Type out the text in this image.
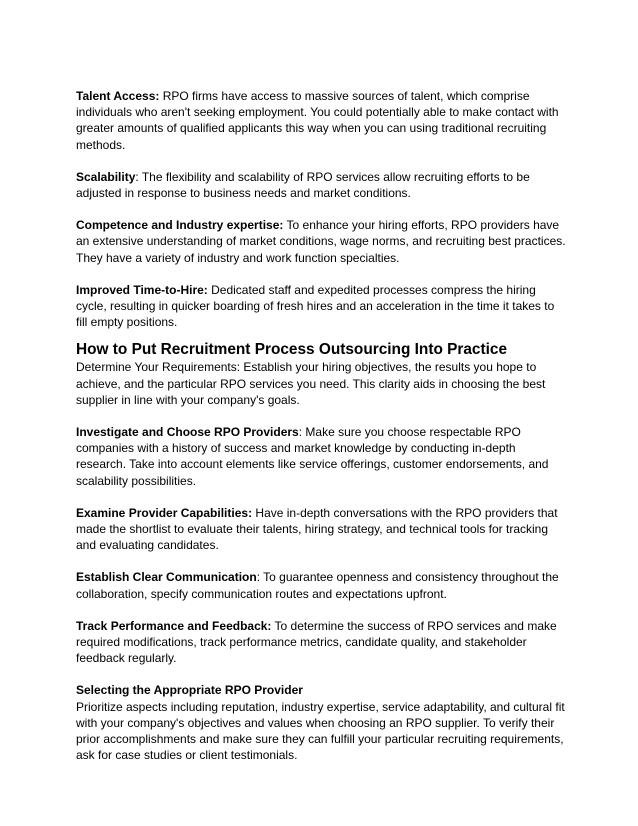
Talent Access: RPO firms have access to massive sources of talent, which comprise individuals who aren't seeking employment. You could potentially able to make contact with greater amounts of qualified applicants this way when you can using traditional recruiting methods.

Scalability: The flexibility and scalability of RPO services allow recruiting efforts to be adjusted in response to business needs and market conditions.

Competence and Industry expertise: To enhance your hiring efforts, RPO providers have an extensive understanding of market conditions, wage norms, and recruiting best practices. They have a variety of industry and work function specialties.

Improved Time-to-Hire: Dedicated staff and expedited processes compress the hiring cycle, resulting in quicker boarding of fresh hires and an acceleration in the time it takes to fill empty positions.

How to Put Recruitment Process Outsourcing Into Practice

Determine Your Requirements: Establish your hiring objectives, the results you hope to achieve, and the particular RPO services you need. This clarity aids in choosing the best supplier in line with your company's goals.

Investigate and Choose RPO Providers: Make sure you choose respectable RPO companies with a history of success and market knowledge by conducting in-depth research. Take into account elements like service offerings, customer endorsements, and scalability possibilities.

Examine Provider Capabilities: Have in-depth conversations with the RPO providers that made the shortlist to evaluate their talents, hiring strategy, and technical tools for tracking and evaluating candidates.

Establish Clear Communication: To guarantee openness and consistency throughout the collaboration, specify communication routes and expectations upfront.

Track Performance and Feedback: To determine the success of RPO services and make required modifications, track performance metrics, candidate quality, and stakeholder feedback regularly.

Selecting the Appropriate RPO Provider

Prioritize aspects including reputation, industry expertise, service adaptability, and cultural fit with your company's objectives and values when choosing an RPO supplier. To verify their prior accomplishments and make sure they can fulfill your particular recruiting requirements, ask for case studies or client testimonials.
